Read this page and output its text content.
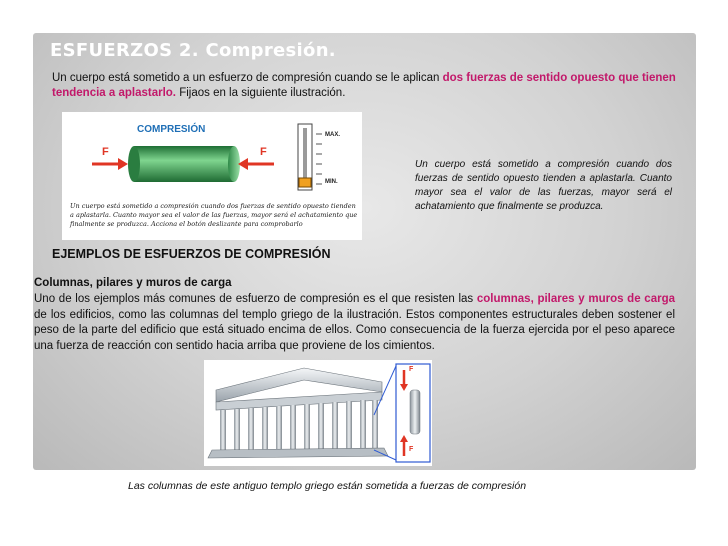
ESFUERZOS 2. Compresión.

Un cuerpo está sometido a un esfuerzo de compresión cuando se le aplican dos fuerzas de sentido opuesto que tienen tendencia a aplastarlo. Fijaos en la siguiente ilustración.

COMPRESIÓN
F	F
MAX.
MIN.

Un cuerpo está sometido a compresión cuando dos fuerzas de sentido opuesto tienden a aplastarla. Cuanto mayor sea el valor de las fuerzas, mayor será el achatamiento que finalmente se produzca. Acciona el botón deslizante para comprobarlo

Un cuerpo está sometido a compresión cuando dos fuerzas de sentido opuesto tienden a aplastarla. Cuanto mayor sea el valor de las fuerzas, mayor será el achatamiento que finalmente se produzca.

EJEMPLOS DE ESFUERZOS DE COMPRESIÓN
Columnas, pilares y muros de carga

Uno de los ejemplos más comunes de esfuerzo de compresión es el que resisten las columnas, pilares y muros de carga de los edificios, como las columnas del templo griego de la ilustración. Estos componentes estructurales deben sostener el peso de la parte del edificio que está situado encima de ellos. Como consecuencia de la fuerza ejercida por el peso aparece una fuerza de reacción con sentido hacia arriba que proviene de los cimientos.

F
F

Las columnas de este antiguo templo griego están sometida a fuerzas de compresión
